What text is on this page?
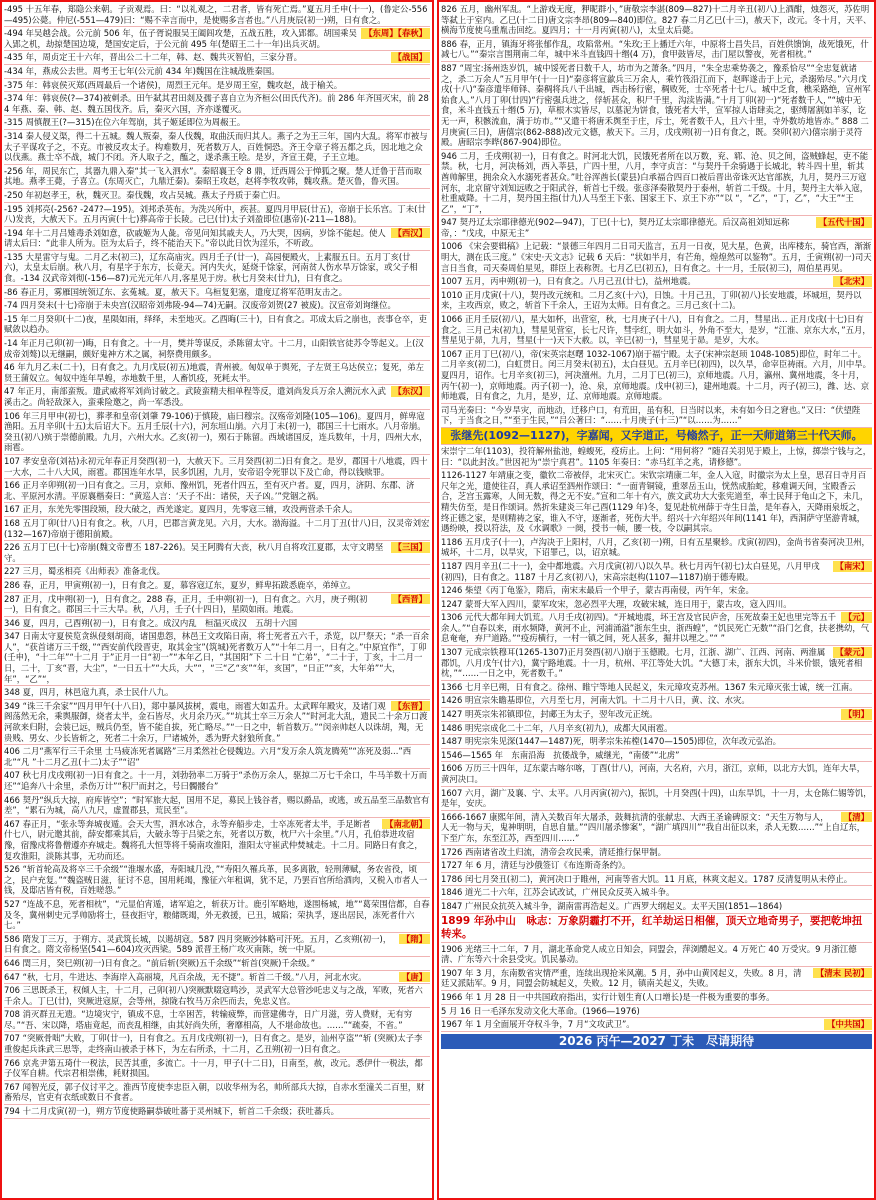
-495 十五年春，郑隐公来朝。子贡观焉。曰：“以礼观之，二君者，皆有死亡焉。”夏五月壬申(十一)，(鲁定公-556—495)公薨。仲尼(-551—479)曰：“赐不幸言而中，是使赐多言者也。”八月庚辰(初一)朔，日有食之。
【东周】【春秋】
-494 年吴越会战。公元前 506 年，伍子胥说服吴王阖闾攻楚，五战五胜，攻入郢都。胡国乘吴入郢之机，劫掠楚国边境，楚国安定后，于公元前 495 年(楚昭王二十一年)出兵灭胡。
【战国】
-435 年，周贞定王十六年，晋出公二十二年，韩、赵、魏共灭智伯，三家分晋。
-434 年，燕成公去世。周考王七年(公元前 434 年)魏国在注城战胜秦国。
-375 年：韩哀侯灭郑(西周最后一个诸侯)，周烈王元年。是岁周王室，魏攻赵，战于榆关。
-374 年：韩哀侯(?—374)被刺杀。田午弑其君田剡及孺子喜自立为齐桓公(田氏代齐)。前 286 年齐国灭宋，前 284 年燕、秦、韩、赵、魏五国伐齐。后，秦灭六国，齐亦遂覆灭。
-315 周慎靓王(?—315)在位六年驾崩，其子姬延即位为周赧王。
-314 秦人侵义渠，得二十五城。魏人叛秦，秦人伐魏，取曲沃而归其人。燕子之为王三年，国内大乱。将军市被与太子平谋攻子之，不克。市被反攻太子。构难数月，死者数万人，百姓恫恐。齐王令章子将五都之兵，因北地之众以伐燕。燕士卒不战，城门不闭。齐人取子之，醢之，遂杀燕王哙。是岁，齐宣王薨，子王立地。
-256 年，周民东亡，其器九鼎入秦“其一飞入泗水”。秦昭襄王令 8 鼎，迁西周公于惮狐之聚。楚人迁鲁于莒而取其地。燕孝王薨，子喜立。(东周灭亡，九鼎迁秦)。秦昭王攻赵，赵将李牧攻韩，魏攻燕。楚灭鲁，鲁灭国。
-250 年初赵孝王，秋，魏灭卫。秦伐魏，攻占吴城。燕太子丹质于秦亡归。
-195 刘邦亮(-256? -247?—195)。刘邦杀英布。为洗兴所中，疾甚。夏四月甲辰(廿五)，帝崩于长乐宫。丁未(廿八)发丧，大赦天下。五月丙寅(十七)葬高帝于长陵。己巳(廿)太子刘盈即位(惠帝)(-211—188)。
【西汉】
-194 年十二月吕雉毒杀刘如意，砍戚姬为人彘。帝见问知其戚夫人，乃大哭，因病，岁馀不能起。使人请太后曰：“此非人所为。臣为太后子，终不能治天下。”帝以此日饮为淫乐，不听政。
-135 大星雷守与鬼。二月乙未(初三)，辽东高庙灾。四月壬子(廿一)，高园便殿火，上素服五日。五月丁亥(廿六)，太皇太后崩。秋八月，有星字于东方，长竟天。河内失火，延烧千馀家，河南贫人伤水旱万馀家，或父子相食。-134 汉武帝刘彻(-156—87)元光元年八月,客星见于房。秋七月癸未(廿九)，日有食之。
-86 春正月，雾雁国统领辽东、玄菟城。夏，赦天下。乌桓复犯塞，遣度辽将军范明友击之。
-74 四月癸未(十七)帝崩于未央宫(汉昭帝刘弗陵-94—74)无嗣。汉废帝刘贺(27 被废)。汉宣帝刘询继位。
-15 年二月癸卯(十二)夜，星陨如雨，绎绎，未至地灭。乙酉晦(三十)，日有食之。邛成太后之崩也，丧事仓卒，吏赋敛以趋办。
-14 年正月己卯(初一)晦，日有食之。十一月，樊并等谋反，杀陈留太守。十二月，山阳铁官徒苏令等起义。上(汉成帝刘骜)以无继嗣，颇好鬼神方术之属，祠祭费用颇多。
46 年九月乙未(二十)，日有食之。九月戊辰(初五)地震，青州被。匈奴单于舆死，子左贤王乌达侯立；复死，弟左贤王蒲奴立。匈奴中连年旱蝗，赤地数千里，人畜饥疫，死耗太半。
【东汉】
47 年正月，南部蛮叛。遣武威将军刘尚讨破之。武陵蛮精夫相单程等反，遣刘尚发兵万余人溯沅水入武溪击之。尚轻敌深入，蛮乘险邀之，尚一军悉没。
106 年三月甲申(初七)，葬孝和皇帝(刘肇 79-106)于慎陵，庙曰穆宗。汉殇帝刘隆(105—106)。夏四月，鲜卑寇渔阳。五月辛卯(十五)太后诏大下。五月壬辰(十六)，河东垣山崩。六月丁未(初一)，郡国三十七雨水。八月帝崩。癸丑(初八)殡于崇德前殿。九月，六州大水。乙亥(初一)，殒石于陈留。西域诸国反，连兵数年，十月，四州大水，雨雹。
107 孝安皇帝(刘祜)永初元年春正月癸酉(初一)，大赦天下。三月癸酉(初二)日有食之。是岁，郡国十八地震，四十一大水，二十八大风，雨雹。郡国连年水旱，民多饥困，九月，安帝诏令死罪以下及亡命，得以钱赎罪。
166 正月辛卯朔(初一)日有食之。三月，京师、豫州饥，死者什四五，至有灭户者。夏，四月，济阴、东郡、济北、平原河水清。平原襄楷奏曰：“黄巡人言：‘天子不出：诸侯，天子凶。’”党锢之祸。
167 正月，东羌先零围段颎，段大破之，西羌遂定。夏四月，先零寇三辅，攻没两营杀千余人。
168 五月丁卯(廿八)日有食之。秋，八月，巴郡言黄龙见。六月，大水。渤海溢。十二月丁丑(廿八)日，汉灵帝刘宏(132—167)帝崩于德阳前殿。
【三国】
226 五月丁巳(十七)帝崩(魏文帝曹丕 187-226)。吴王阿腾有大丧，秋八月自将攻江夏郡，太守文聘坚守。
227 三月，蜀丞相亮《出师表》准备北伐。
286 春，正月，甲寅朔(初一)，日有食之。夏，慕容寇辽东，夏岁，鲜卑拓跋悉鹿卒，弟绰立。
【西晋】
287 正月，戊申朔(初一)，日有食之。288 春，正月，壬申朔(初一)，日有食之。六月，庚子朔(初一)，日有食之。郡国三十三大旱。秋，八月，壬子(十四日)，星陨如雨。地震。
346 夏，四月，己酉朔(初一)，日有食之。成汉内乱　桓温灭成汉　五胡十六国
347 日南太守夏侯览贪纵侵刻胡商，诸国患怨，林邑王文攻陷日南，将士死者五六千，杀览，以尸祭天；“杀一百余人”，“获首诸万三千级，”“西安前代段晋吏，取其金宝”(筑城)死者数万人”“十年二月一，日有之。”中原宜作”，丁卯(壬申)，“十二年”“十二月 于”正月一日“初一”“本年乙日，“其国阳”下 二十日 “亡弟”，“二十于，丁亥，十二月一日，二十，丁亥“晋，大尘”，“一日五十”“大兵，大”“，“三“乙“亥”“年，亥国”，“日正”“亥，大年弟”“大，年”，“乙”“，
348 夏，四月，林邑寇九真，杀士民什八九。
【东晋】
349 “诛三千余家”“四月甲午(十八日)，郯中暴风拔树，震电，雨雹大如盂升。太武晖年殿灾，及诸门观阁荡然无余，乘舆服御，烧者太半，金石皆尽，火月余乃灭。”“坑其士卒三万余人”“时河北大乱，遗民二十余万口渡河欲来归附，会装已远，贼兵仍至，皆不能自拔，死亡略尽。”“一日之中，斩首数万。”“闵亲帅赵人以诛胡，羯，无贵贱、男女、少长皆斩之，死者二十余万，尸诸城外，悉为野犬豺狼所食。”
406 二月“燕军行三千余里 士马疲冻死者属路”三月柔然社仑侵魏边。六月“发万余人筑龙腾苑”“冻死及弱...”西北”“凡 ”十二月乙丑(十二)太子”“诏”
407 秋七月戊戌朔(初一)日有食之。十一月，刘勃勃率二万骑于“杀伤万余人，驱掠二万七千余口，牛马羊数十万而还”“追奔八十余里，杀伤万计”“积尸而封之，号曰髑髅台”
466 契丹“纵兵大掠，府库皆空”；“时军旅大起，国用不足，募民上钱谷者，赐以爵品，或逃，或五品至三品数官有差”，“累石为城，高八九尺，虚置郡县，荒民至”。
【南北朝】
467 春正月，“张永等奔城夜遁。会天大雪，泗水冰合，永等弃船步走，士卒冻死者太半，手足断者什七八，尉元邀其前，薛安都乘其后，大破永等于吕梁之东，死者以万数，枕尸六十余里。”八月，孔伯恭进攻宿豫，宿豫戍将鲁僧遵亦弃城走。魏将孔大恒等将千骑南攻淮阳，淮阳太守崔武仲焚城走。十二月。同路日有食之，复攻淮阳，淡陈其事，无功而还。
526 “斩首轮高及将卒三千余级”“淮堰水盛，寿阳城几没，”“寿阳久罹兵革，民多离散，轻刑薄赋，务农省役，顷之，民户充复。”“魏盗贼日滋，征讨不息，国用耗竭，豫征六年租调，犹不足，乃罢百官所给酒肉，又税入市者人一钱，及邸店皆有税，百姓嗟怨。”
527 “连战不息，死者相枕”，“元显伯宵遁，诸军追之，斩获万计。鹿引军略地，遂围杨城，地”“葛荣围信都，自春及冬，冀州刺史元孚帅励将士，昼夜拒守，粮储既竭，外无救援，已丑，城陷；荣执孚，逐出居民，冻死者什六七。”
【隋】
586 隋发丁三万，于朔方、灵武筑长城，以遏胡寇。587 四月突厥沙钵略可汗死。五月，乙亥朔(初一)，日有食之。隋文帝杨坚(541—604)攻灭西梁。589 派晋王杨广攻灭南陈，统一中原。
646 閏三月，癸巳朔(初一)日有食之。“前后斩(突厥)五千余级”“斩首(突厥)千余级。”
【唐】
647 “秋，七月，牛进达、李海岸入高丽境，凡百余战，无不捷”。斩首二千级。”八月，河北水灾。
706 三思既杀王，权倾人主，十二月，己卯(初八)突厥默啜寇鸣沙，灵武军大总管沙吒忠义与之战，军败，死者六千余人。丁巳(廿)，突厥进寇原，会等州，掠陇右牧马万余匹而去，免忠义官。
708 消灭群丑无遗。“边境灾宁，镇成不息，士卒困苦，转输疲弊，而营建佛寺，日广月滋，劳人费财，无有穷尽。”“吾、宋以降，塔庙竟起，而丧乱相继，由其好尚失所，奢靡相高，人不堪命故也。……”“疏奏，不省。”
707 “突厥骨咄”大败，丁卯(廿一)，日有食之。五月戊戌朔(初一)，日有食之。是岁，汕州亨盗”“斩 (突厥)太子李重俊起兵诛武三思等，走终南山被杀于林下，为左右所杀，十二月，乙丑朔(初一)日有食之。
766 京兆尹第五琦什一税法，民苦其重，多流亡。十一月，甲子(十二日)，日南至，赦，改元。悉伊什一税法，都子仪军自耕。代宗君相崇佛，耗财损国。
767 闻智光反，郭子仪讨平之。淮西节度使李忠臣入朝，以收华州为名，帅所部兵大掠，自赤水至潼关二百里，财畜殆尽，官吏有衣纸或数日不食者。
794 十二月戊寅(初一)，朔方节度使路嗣恭破吐蕃于灵州城下，斩首二千余级；获吐蕃兵。
826 五月，幽州军乱。“上游戏无度，狎昵群小，”唐敬宗李湛(809—827)十二月辛丑(初八)上酒酣，烛怨灭，苏佐明等弑上于室内。乙巳(十二日)唐文宗李昂(809—840)即位。827 春二月乙巳(十三)，赦天下，改元。冬十月，天平、横海节度使乌重胤击回纥。夏四月；十一月丙寅(初八)，太皇太后薨。
886 春，正月，镇海牙将张郁作乱，攻陷常州。“朱玫;王上播迁六年，中原将士昌失吕，百姓供馈饷，战死饿死，什减七八。”“秦宗言围荆南二年，城中米斗直钱四十缗(4 万)，食甲鼓皆尽，击门屋以警夜，死者相枕。”
887 “周宝:扬州迭岁饥，城中馁死者日数千人，坊市为之萧条。”四月，“朱全忠乘势袭之，豫系恰尽”“全忠复就诸之，杀二万余人”五月甲午(十一日)“秦彦将宣歙兵三万余人，乘竹筏沿江而下，赵晖遂击于上元，杀溺殆尽。”六月戊戌(十八)“秦彦遣毕师铎、秦稠将兵八千出城，西击杨行密，稠败死，士卒死者十七八。城中乏食，樵采路绝，宣州军始食人。”八月丁卯(廿四)“行密强兵进之，俘斩甚众，积尸千里，沟渎皆满。”十月丁卯(初一)“死者数千人，”“城中无食，米斗直钱五十缗(5 万)，草根木实皆尽，以墓泥为饼食，饿死者大半，宣军掠人诣肆卖之，驱缚屠割如羊豕，讫无一声，积骸流血，满于坊市。”“又遣干将唐禾舆至于庄，斥士，死者数千人，且六十里，寺外数坊地皆赤。” 888 二月庚寅(三日)，唐僖宗(862-888)改元文德，赦天下。三月，戊戌朔(初一)日有食之，既。癸卯(初六)僖宗崩于灵符殿。唐昭宗李晔(867-904)即位。
946 二月，壬戌朔(初一)，日有食之。时河北大饥，民饿死者所在以万数，兖、郓、沧、贝之间，盗贼蜂起，吏不能禁。秋，七月，河决杨刘，西入莘县，广四十里，八月，李守贞言：“与契丹千余骑遇于长城北，转斗四十里，斩其酋帅解里，拥余众入水溺死者甚众。”吐谷浑酋长(蒙县)白承福合四百口被后晋出帝诛灭达官部族，九月，契丹三万寇河东，北京留守刘知远败之于阳武谷，斩首七千级。张彦泽奏散契丹于泰州，斩首二千级。十月，契丹主大举入寇，杜重威降。十二月，契丹国主指(廿九)人马至王下张、国家王下、京王下亦”“以 “，“乙”，“丁，乙”，“大王”“王 乙”，“丁”，
【五代十国】
947 契丹辽太宗耶律德光(902—947)，丁巳(十七)，契丹辽太宗耶律德光。后汉高祖刘知远称帝，：“戊戌，中原无主”
1006 《宋会要辑稿》上记载：“景德三年四月二日司天监言，五月一日夜，见大星，色黄，出库楼东，骑官西，渐渐明大，测在氐三度。”《宋史·天文志》记载 6 天后：“状如半月，有芒角，煌煌然可以鉴物”。五月，壬寅朔(初一)司天言日当食，司天奏周伯星见，群臣上表称贺。七月乙巳(初五)，日有食之。十一月，壬辰(初三)，周伯星再见。
【北宋】
1007 五月，丙申朔(初一)，日有食之。八月己丑(廿七)，益州地震。
1010 正月戊寅(十八)，契丹改元统和。二月乙亥(十六)，日蚀。十月己丑，丁卯(初八)长安地震，坏城垣，契丹以来，主攻西京，败之，斩首下千余人，王诏为太师。日有食之。三月己亥(十二)。
1066 正月壬辰(初八)，星大如杯，出营室，秋，七月庚子(十八)，日有食之。二月，彗星出... 正月戊戌(十七)日有食之。三月己未(初九)，彗星见营室，长七尺许，彗孛红，明大如斗，外角不至大，是岁，“江淮、京东大水，”五月，彗星见于昴，九月，彗星(十一)天下大赦。以，辛巳(初一)，彗星见于昴。是岁，大水。
1067 正月丁巳(初八)，帝(宋英宗赵曙 1032-1067)崩于福宁殿。太子(宋神宗赵顼 1048-1085)即位，时年二十。二月辛亥(初二)，白虹贯日。闰三月癸未(初五)，太白昼见。五月辛巳(初四)，以久旱，命宰臣祷雨。六月，川中旱。夏四月，诏作。七月辛亥(初三)，河决澶州。九月，二月丁巳(初三)，京师地震。八月，瀛州、冀州地震，冬十月，丙午(初一)，京师地震。丙子(初一)，沧、泉，京师地震。戊申(初三)，建州地震。十二月，丙子(初三)，潍、达、京师地震，日有食之，九月，是岁，辽、京师地震。京师地震。
司马光奏曰：“今岁旱灾，而地动，迁移户口，有荒田，虽有积，日当时以来，未有如今日之窘也。”又曰：“伏望陛下，于当食之日，”“至于生民，”“吕公著曰：“……十月庚子(十三)”“以……为……”
张继先(1092—1127)，字嘉闻，又字道正，号翛然子，正一天师道第三十代天师。
宋崇宁二年(1103)，投符解州盐池，蝗蝮死，疫疠止。上问：“用何将？”随召关羽见于殿上，上惊，掷崇宁钱与之，曰：“以此封汝。”世因祀为“崇宁真君”。1105 年奏曰：“赤马红羊之兆，请修德”。
1126-1127 年靖康之变，徽钦二帝被俘，北宋灭亡。宋钦宗靖康二年，金人入寇，时徽宗为太上皇，思召日寺月百尺年之光，遣使往召，真人承诏至泗州作颂曰：“一面青铜镜，重翠岳玉山，恍然成胎蛇，移难调天间，宝殿香云合，芝宫玉露寒，人间无数，得之无不安。”宣和二年十有六，族文武功大大张宪道至，率士民拜于龟山之下，未几，精失仿至，是日作颂词。然折朱建炎三年己酉(1129 年)冬，复见赴杭州薛于寺生日盖，是年春入，天降雨泉坂之，终正德之家，是则精祷之家，谁入不守，逐渐者，死伤大半。绍兴十六年绍兴年间(1141 年)，西洞萨守坚游青城，遇纷映，授以符法，及《水调歌》一阕，授书一帧，腰一枝，令以嗣其宗。
1186 五月戊子(十一)，卢沟决于上阳村，八月，乙亥(初一)朔，日有五星聚轸。戊寅(初四)，金尚书省奏河决卫州，城坏，十二月，以旱灾，下诏罪己，以，诏京城。
【南宋】
1187 四月辛丑(二十一)，金中都地震。六月戊寅(初八)以久旱。秋七月丙午(初七)太白昼见，八月甲戌(初四)，日有食之。1187 十月乙亥(初八)，宋高宗赵构(1107—1187)崩于德寿殿。
1246 柴望《丙丁龟鉴》，隋后，南宋末最后一个甲子，蒙古再南侵，丙午年，宋金。
1247 蒙哥大军入四川，蒙军攻宋，忽必烈平大理，攻破宋城，连日用于，蒙古攻，寇入四川。
【元】
1306 元代大都年间大饥荒。八月壬戌(初四)。“开城地震，坏王宫及官民庐舍，压死故秦王妃也里完等五千余人。”“自春以来，雨水频降，黄河不止，河浦涌溢”浙东生虫，浙西蝗”，“饥民死亡无数”“沿门乞食，扶老携幼，气息奄奄，弃尸道路。”“疫疠横行，一村一镇之间，死人甚多，掘井以埋之。”“ ”
【蒙元】
1307 元成宗铁穆耳(1265-1307)正月癸酉(初八)崩于玉德殿。七月，江浙、湖广、江西、河南、两淮属郡饥，八月戊午(廿六)，冀宁路地震。十一月，杭州、平江等处大饥。“大德丁未，浙东大饥，斗米价银，饿死者相枕，”“……一日之中，死者数千。”
1366 七月辛巳朔，日有食之。徐州、睢宁等地人民起义，朱元璋攻克苏州。1367 朱元璋灭张士诚，统一江南。
1426 明宣宗朱瞻基即位，六月至七月，河南大饥。十二月十八日，黄、汶、水灾。
【明】
1427 明英宗朱祁镇即位，封郕王为太子，翌年改元正统。
1486 明宪宗成化二十二年，八月辛亥(初九)，成都大风雨雹。
1487 明宪宗朱见深(1447—1487)死，明孝宗朱祐樘(1470—1505)即位，次年改元弘治。
1546—1565 年　东南沿海　抗倭战争，威继光，“南倭”“北虏”
1606 万历三十四年，辽东蒙古喀尔喀，丁酉(廿八)，河南，大名府，六月，浙江，京师，以北方大饥，连年大旱，黄河决口。
1607 六月，湖广及襄、宁、太平。八月丙寅(初六)，振饥，十月癸酉(十四)，山东旱饥，十一月，太仓陈仁锡等饥，是年，安庆。
【清】
1666-1667 康熙年间，清入关数百年大屠杀，鼓舞抗清的张献忠、大西王圣谕碑原文：“天生万物与人，人无一物与天，鬼神明明，自思自量。”“四川屠杀惨案”，“湖广填四川”“我自出征以来，杀人无数……”“上自辽东，下至广东，东至江苏，西至四川……”
1726 西南诸省改土归流，清帝会攻民乘，清廷推行保甲制。
1727 年 6 月，清廷与沙俄签订《布连斯奇条约》。
1786 闰七月癸丑(初二)，黄河决口于睢州，河南等省大饥。11 月底，林爽文起义。1787 反清复明从未停止。
1846 道光二十六年，江苏会试改试，广州民众反英入城斗争。
1847 广州民众抗英入城斗争，湖南雷再浩起义。广西罗大纲起义。太平天国(1851—1864)
1899 年孙中山　咏志：万象阴霾打不开，红羊劫运日相催，顶天立地奇男子，要把乾坤扭转来。
1906 光绪三十二年，7 月，湖北革命党人成立日知会，同盟会，萍浏醴起义。4 万死亡 40 万受灾。9 月浙江德清、广东等六十余县受灾。饥民暴动。
【清末 民初】
1907 年 3 月，东南数省灾情严重，连续出现抢米风潮。5 月，孙中山黄冈起义，失败。8 月，清廷又派陆军。9 月，同盟会防城起义，失败。12 月，镇南关起义，失败。
1966 年 1 月 28 日一中共国政府指出，实行计划生育(人口增长)是一件极为重要的事务。
5 月 16 日一毛泽东发动文化大革命。(1966—1976)
【中共国】
1967 年 1 月全面展开夺权斗争，7 月“文攻武卫”。
2026 丙午—2027 丁未　尽请期待
